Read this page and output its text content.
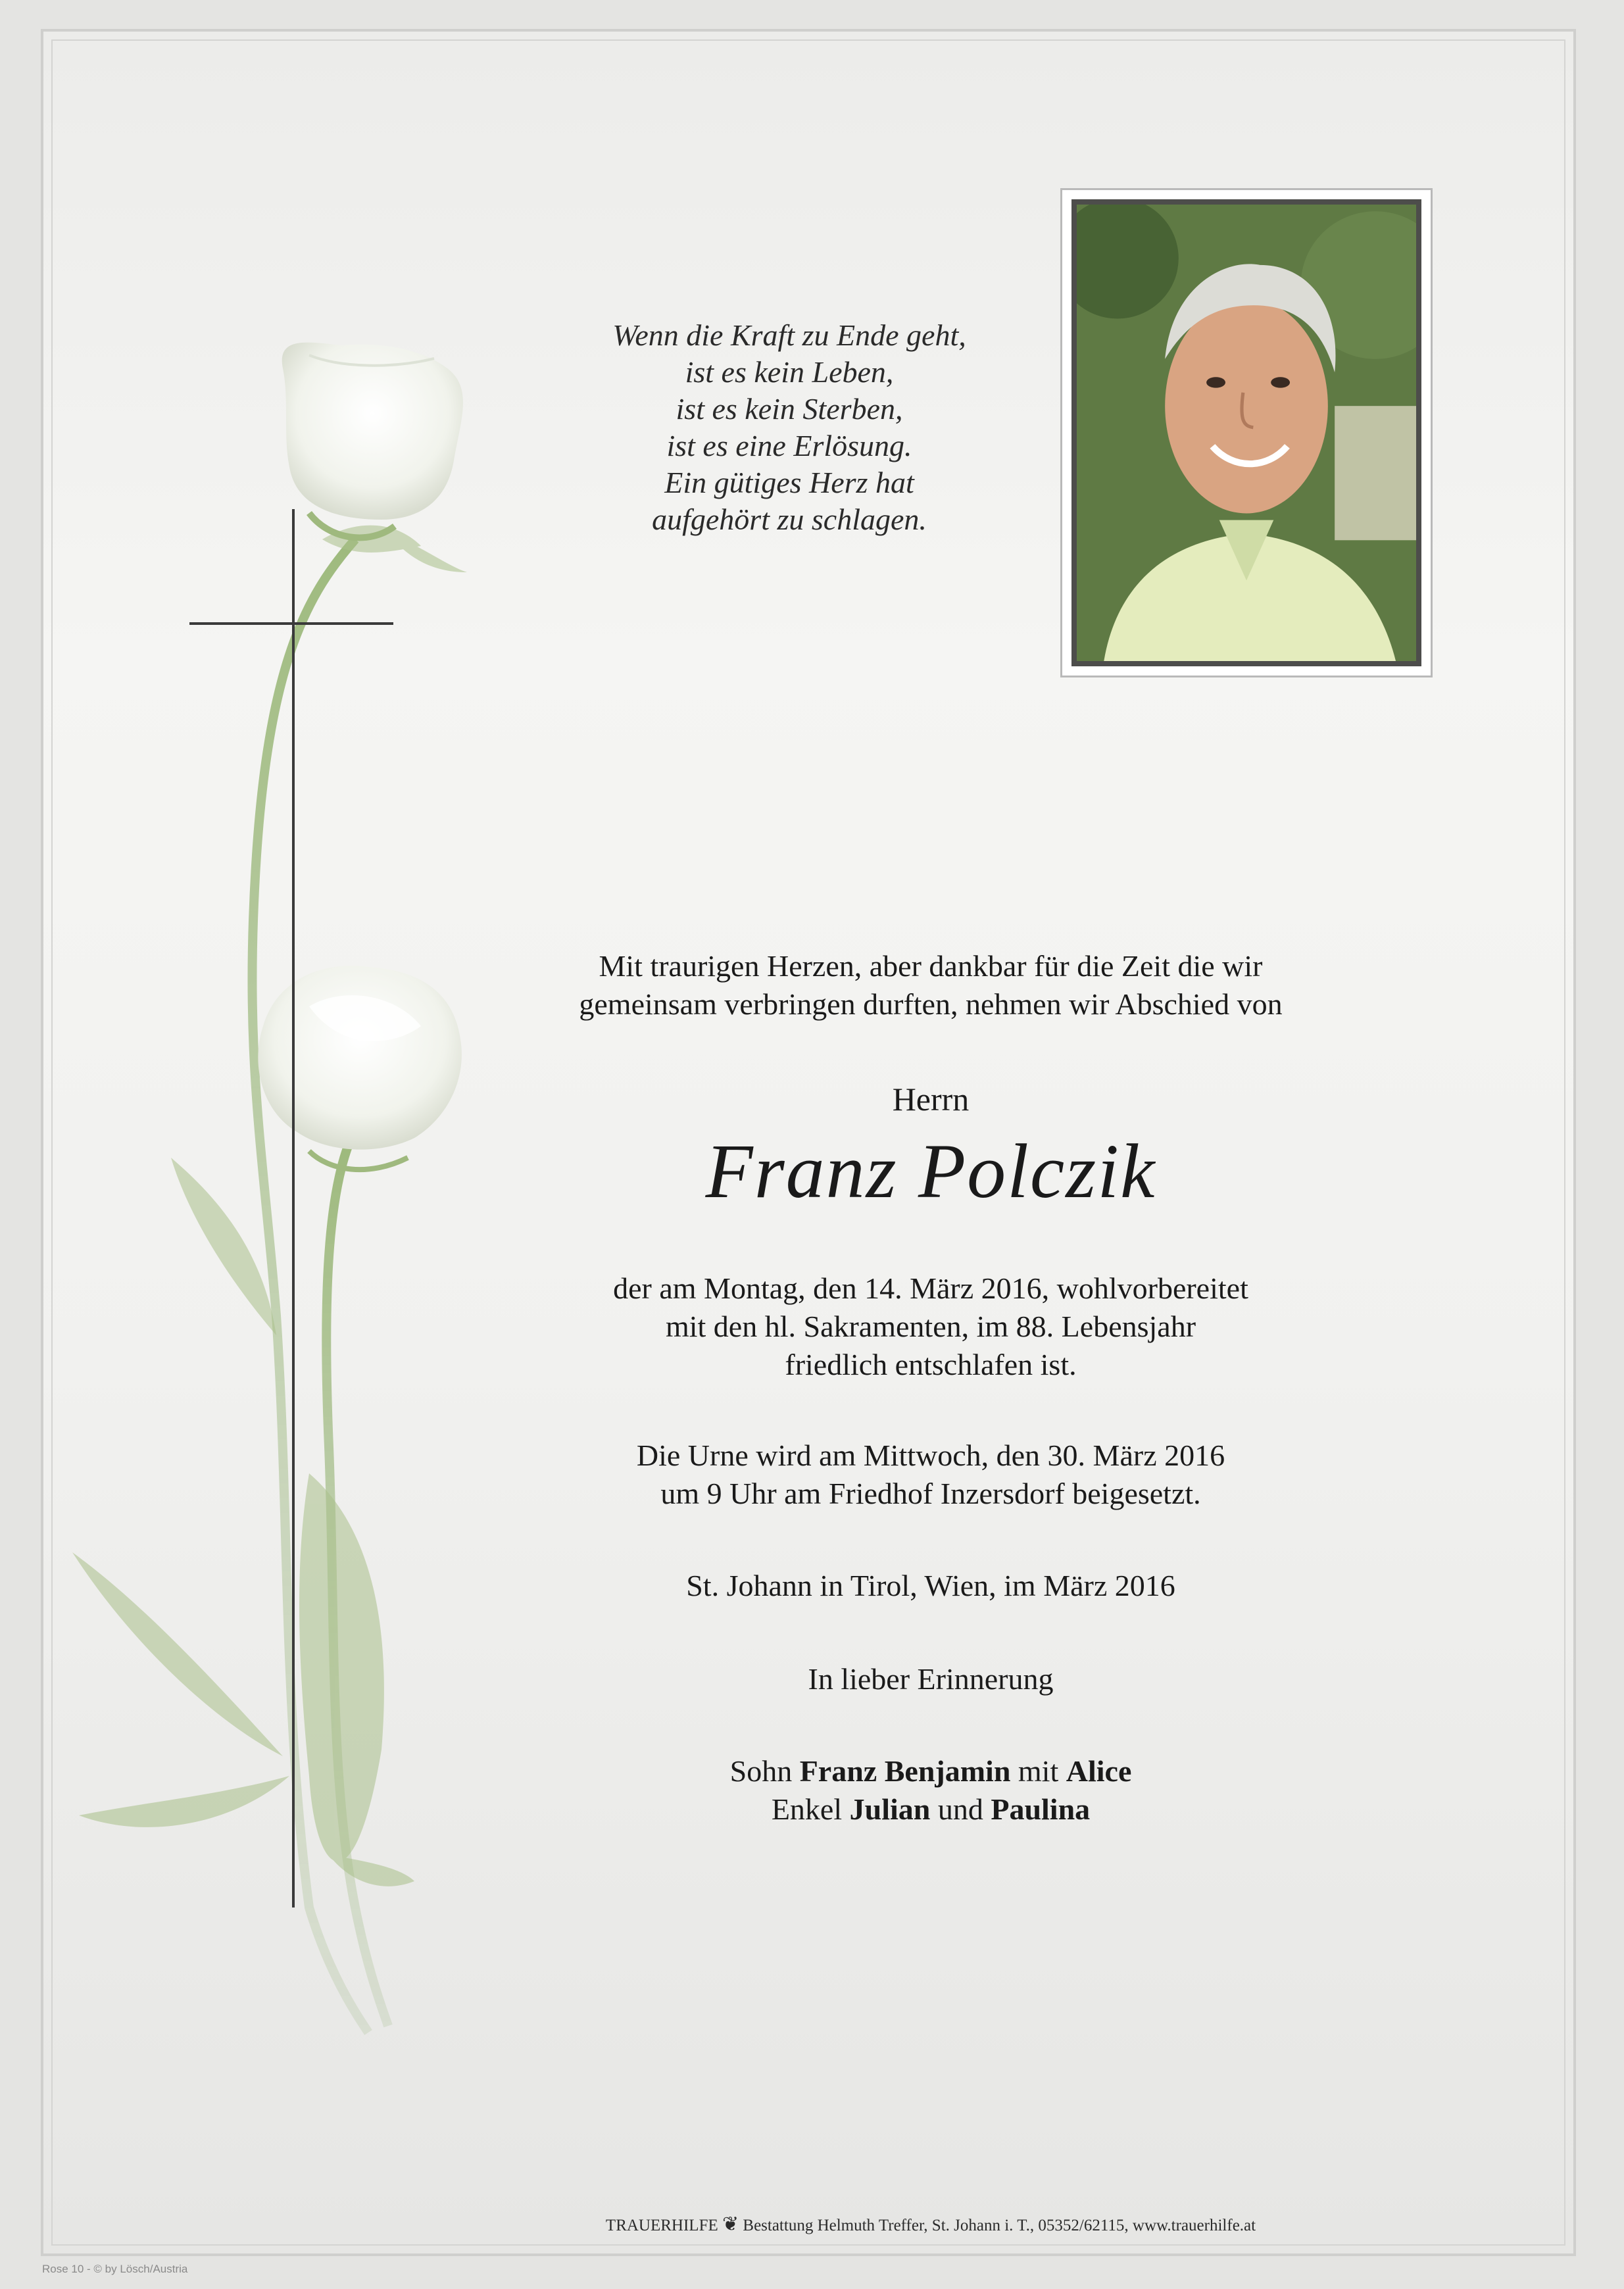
Wenn die Kraft zu Ende geht,
ist es kein Leben,
ist es kein Sterben,
ist es eine Erlösung.
Ein gütiges Herz hat
aufgehört zu schlagen.
Mit traurigen Herzen, aber dankbar für die Zeit die wir
gemeinsam verbringen durften, nehmen wir Abschied von
Herrn
Franz Polczik
der am Montag, den 14. März 2016, wohlvorbereitet
mit den hl. Sakramenten, im 88. Lebensjahr
friedlich entschlafen ist.
Die Urne wird am Mittwoch, den 30. März 2016
um 9 Uhr am Friedhof Inzersdorf beigesetzt.
St. Johann in Tirol, Wien, im März 2016
In lieber Erinnerung
Sohn Franz Benjamin mit Alice
Enkel Julian und Paulina
TRAUERHILFE ❦ Bestattung Helmuth Treffer, St. Johann i. T., 05352/62115, www.trauerhilfe.at
Rose 10 - © by Lösch/Austria
